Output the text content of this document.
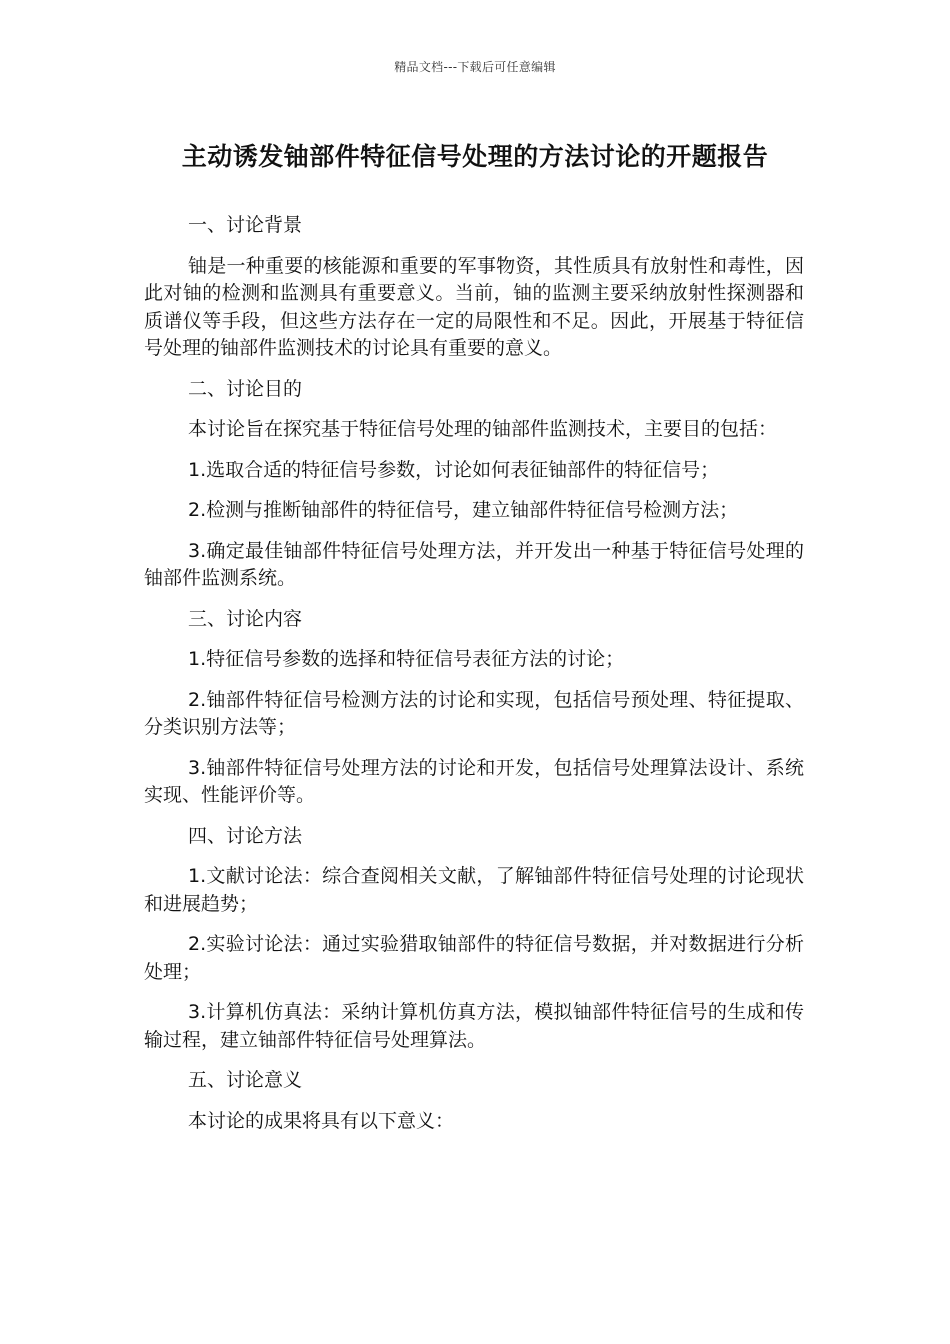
精品文档---下载后可任意编辑
主动诱发铀部件特征信号处理的方法讨论的开题报告

一、讨论背景

铀是一种重要的核能源和重要的军事物资，其性质具有放射性和毒性，因此对铀的检测和监测具有重要意义。当前，铀的监测主要采纳放射性探测器和质谱仪等手段，但这些方法存在一定的局限性和不足。因此，开展基于特征信号处理的铀部件监测技术的讨论具有重要的意义。

二、讨论目的

本讨论旨在探究基于特征信号处理的铀部件监测技术，主要目的包括：

1.选取合适的特征信号参数，讨论如何表征铀部件的特征信号；

2.检测与推断铀部件的特征信号，建立铀部件特征信号检测方法；

3.确定最佳铀部件特征信号处理方法，并开发出一种基于特征信号处理的铀部件监测系统。

三、讨论内容

1.特征信号参数的选择和特征信号表征方法的讨论；

2.铀部件特征信号检测方法的讨论和实现，包括信号预处理、特征提取、分类识别方法等；

3.铀部件特征信号处理方法的讨论和开发，包括信号处理算法设计、系统实现、性能评价等。

四、讨论方法

1.文献讨论法：综合查阅相关文献，了解铀部件特征信号处理的讨论现状和进展趋势；

2.实验讨论法：通过实验猎取铀部件的特征信号数据，并对数据进行分析处理；

3.计算机仿真法：采纳计算机仿真方法，模拟铀部件特征信号的生成和传输过程，建立铀部件特征信号处理算法。

五、讨论意义

本讨论的成果将具有以下意义：
